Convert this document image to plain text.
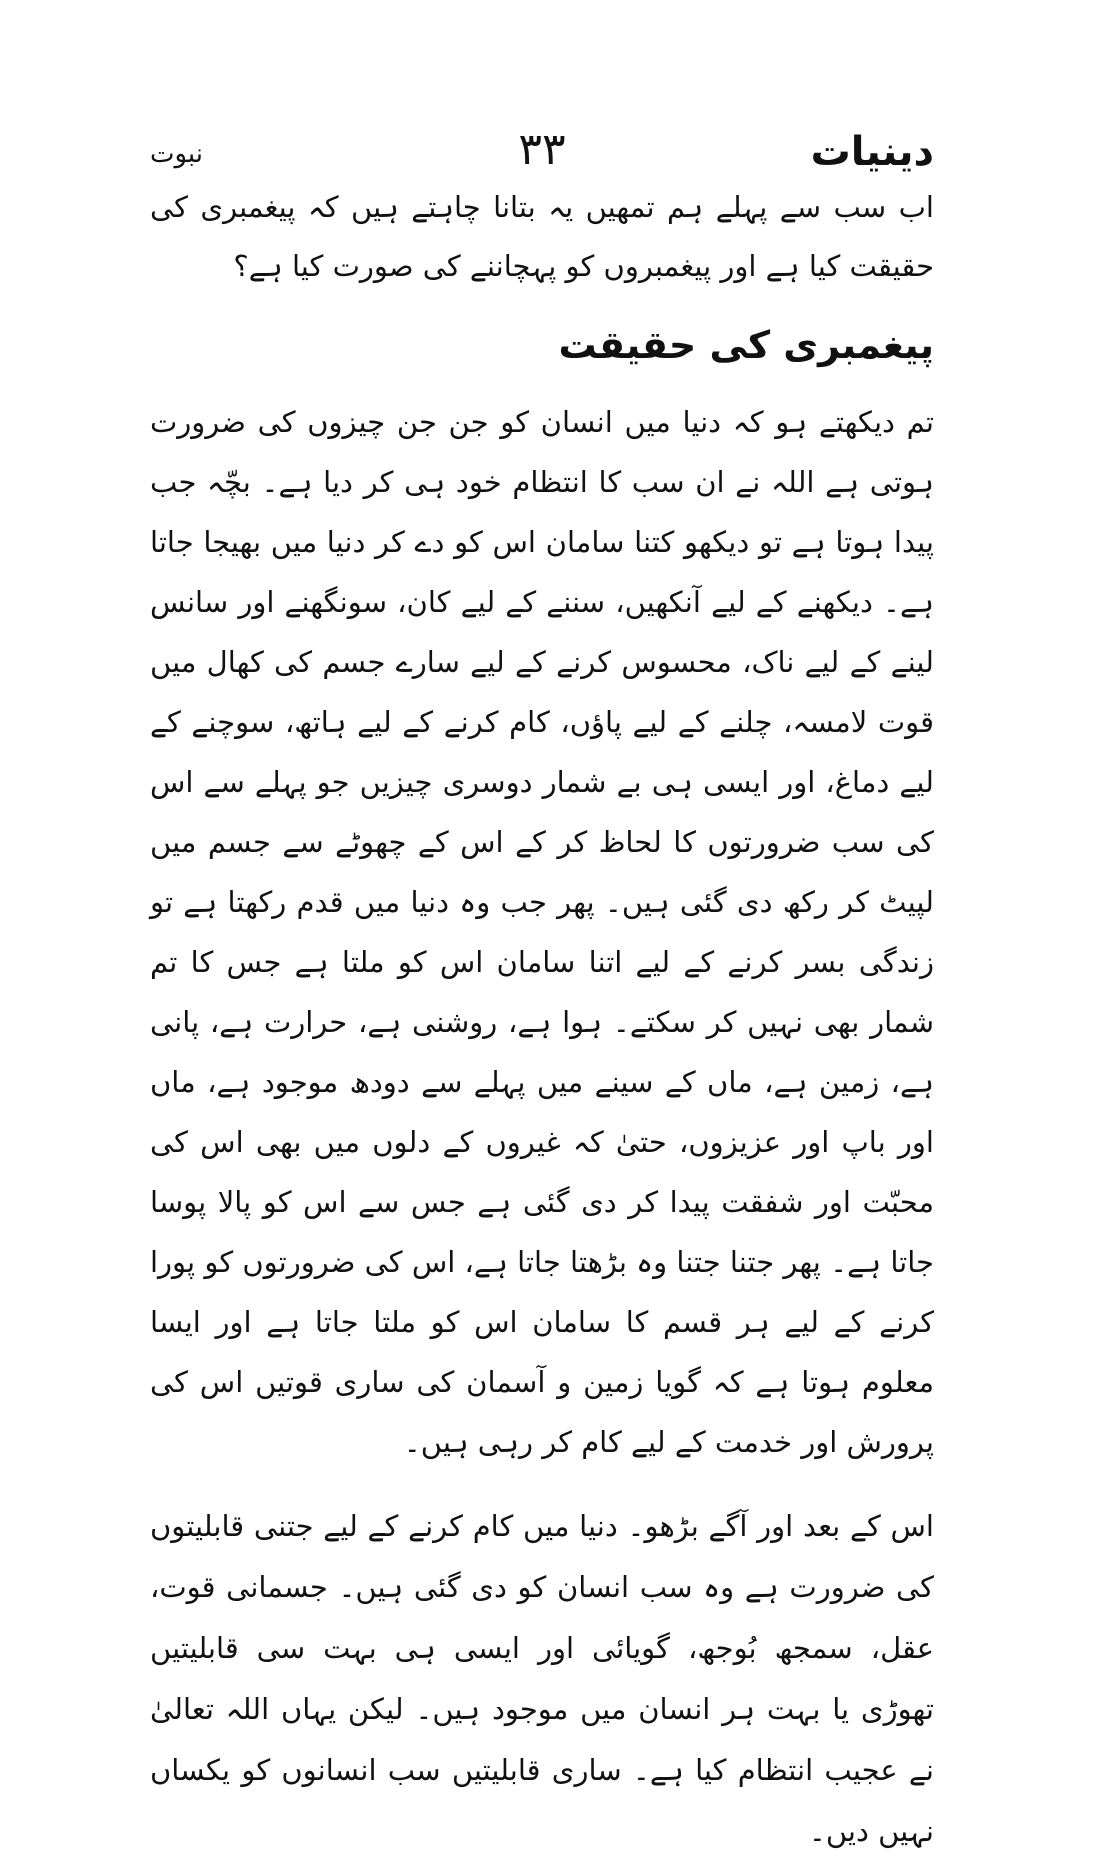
دینیات
۳۳
نبوت

اب سب سے پہلے ہم تمھیں یہ بتانا چاہتے ہیں کہ پیغمبری کی حقیقت کیا ہے اور پیغمبروں کو پہچاننے کی صورت کیا ہے؟

پیغمبری کی حقیقت

تم دیکھتے ہو کہ دنیا میں انسان کو جن جن چیزوں کی ضرورت ہوتی ہے اللہ نے ان سب کا انتظام خود ہی کر دیا ہے۔ بچّہ جب پیدا ہوتا ہے تو دیکھو کتنا سامان اس کو دے کر دنیا میں بھیجا جاتا ہے۔ دیکھنے کے لیے آنکھیں، سننے کے لیے کان، سونگھنے اور سانس لینے کے لیے ناک، محسوس کرنے کے لیے سارے جسم کی کھال میں قوت لامسہ، چلنے کے لیے پاؤں، کام کرنے کے لیے ہاتھ، سوچنے کے لیے دماغ، اور ایسی ہی بے شمار دوسری چیزیں جو پہلے سے اس کی سب ضرورتوں کا لحاظ کر کے اس کے چھوٹے سے جسم میں لپیٹ کر رکھ دی گئی ہیں۔ پھر جب وہ دنیا میں قدم رکھتا ہے تو زندگی بسر کرنے کے لیے اتنا سامان اس کو ملتا ہے جس کا تم شمار بھی نہیں کر سکتے۔ ہوا ہے، روشنی ہے، حرارت ہے، پانی ہے، زمین ہے، ماں کے سینے میں پہلے سے دودھ موجود ہے، ماں اور باپ اور عزیزوں، حتیٰ کہ غیروں کے دلوں میں بھی اس کی محبّت اور شفقت پیدا کر دی گئی ہے جس سے اس کو پالا پوسا جاتا ہے۔ پھر جتنا جتنا وہ بڑھتا جاتا ہے، اس کی ضرورتوں کو پورا کرنے کے لیے ہر قسم کا سامان اس کو ملتا جاتا ہے اور ایسا معلوم ہوتا ہے کہ گویا زمین و آسمان کی ساری قوتیں اس کی پرورش اور خدمت کے لیے کام کر رہی ہیں۔

اس کے بعد اور آگے بڑھو۔ دنیا میں کام کرنے کے لیے جتنی قابلیتوں کی ضرورت ہے وہ سب انسان کو دی گئی ہیں۔ جسمانی قوت، عقل، سمجھ بُوجھ، گویائی اور ایسی ہی بہت سی قابلیتیں تھوڑی یا بہت ہر انسان میں موجود ہیں۔ لیکن یہاں اللہ تعالیٰ نے عجیب انتظام کیا ہے۔ ساری قابلیتیں سب انسانوں کو یکساں نہیں دیں۔
